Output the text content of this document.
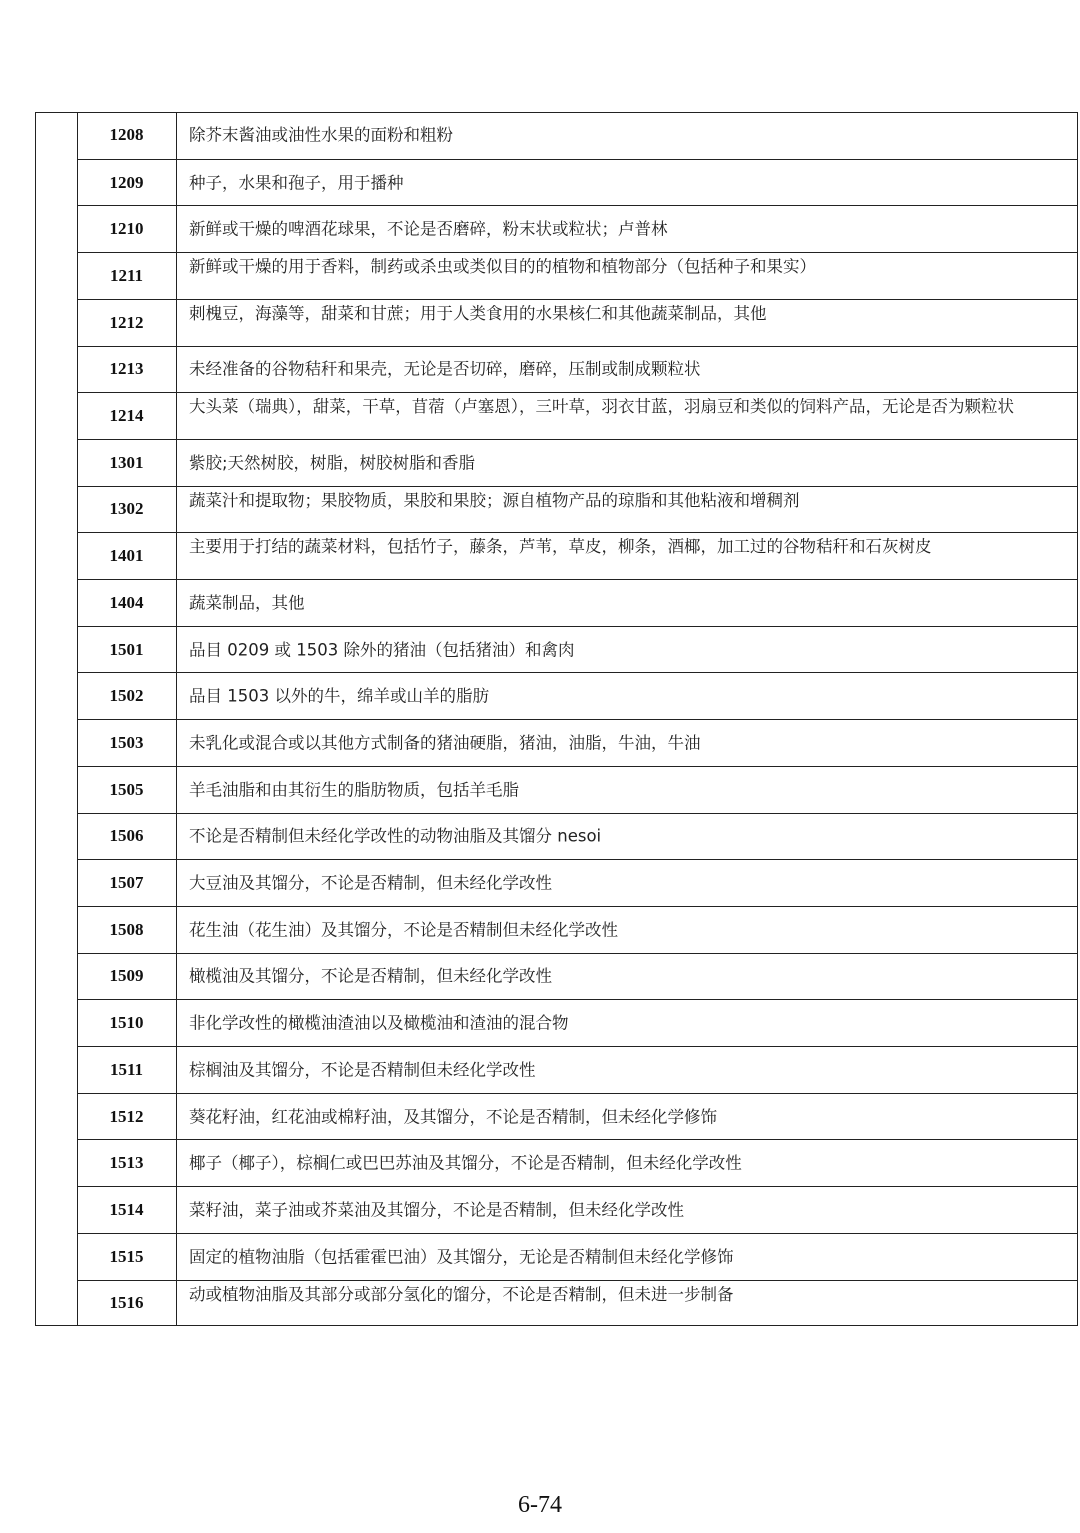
1208	除芥末酱油或油性水果的面粉和粗粉
1209	种子，水果和孢子，用于播种
1210	新鲜或干燥的啤酒花球果，不论是否磨碎，粉末状或粒状；卢普林
1211	新鲜或干燥的用于香料，制药或杀虫或类似目的的植物和植物部分（包括种子和果实）
1212	刺槐豆，海藻等，甜菜和甘蔗；用于人类食用的水果核仁和其他蔬菜制品，其他
1213	未经准备的谷物秸秆和果壳，无论是否切碎，磨碎，压制或制成颗粒状
1214	大头菜（瑞典），甜菜，干草，苜蓿（卢塞恩），三叶草，羽衣甘蓝，羽扇豆和类似的饲料产品，无论是否为颗粒状
1301	紫胶;天然树胶，树脂，树胶树脂和香脂
1302	蔬菜汁和提取物；果胶物质，果胶和果胶；源自植物产品的琼脂和其他粘液和增稠剂
1401	主要用于打结的蔬菜材料，包括竹子，藤条，芦苇，草皮，柳条，酒椰，加工过的谷物秸秆和石灰树皮
1404	蔬菜制品，其他
1501	品目 0209 或 1503 除外的猪油（包括猪油）和禽肉
1502	品目 1503 以外的牛，绵羊或山羊的脂肪
1503	未乳化或混合或以其他方式制备的猪油硬脂，猪油，油脂，牛油，牛油
1505	羊毛油脂和由其衍生的脂肪物质，包括羊毛脂
1506	不论是否精制但未经化学改性的动物油脂及其馏分 nesoi
1507	大豆油及其馏分，不论是否精制，但未经化学改性
1508	花生油（花生油）及其馏分，不论是否精制但未经化学改性
1509	橄榄油及其馏分，不论是否精制，但未经化学改性
1510	非化学改性的橄榄油渣油以及橄榄油和渣油的混合物
1511	棕榈油及其馏分，不论是否精制但未经化学改性
1512	葵花籽油，红花油或棉籽油，及其馏分，不论是否精制，但未经化学修饰
1513	椰子（椰子），棕榈仁或巴巴苏油及其馏分，不论是否精制，但未经化学改性
1514	菜籽油，菜子油或芥菜油及其馏分，不论是否精制，但未经化学改性
1515	固定的植物油脂（包括霍霍巴油）及其馏分，无论是否精制但未经化学修饰
1516	动或植物油脂及其部分或部分氢化的馏分，不论是否精制，但未进一步制备
6-74
